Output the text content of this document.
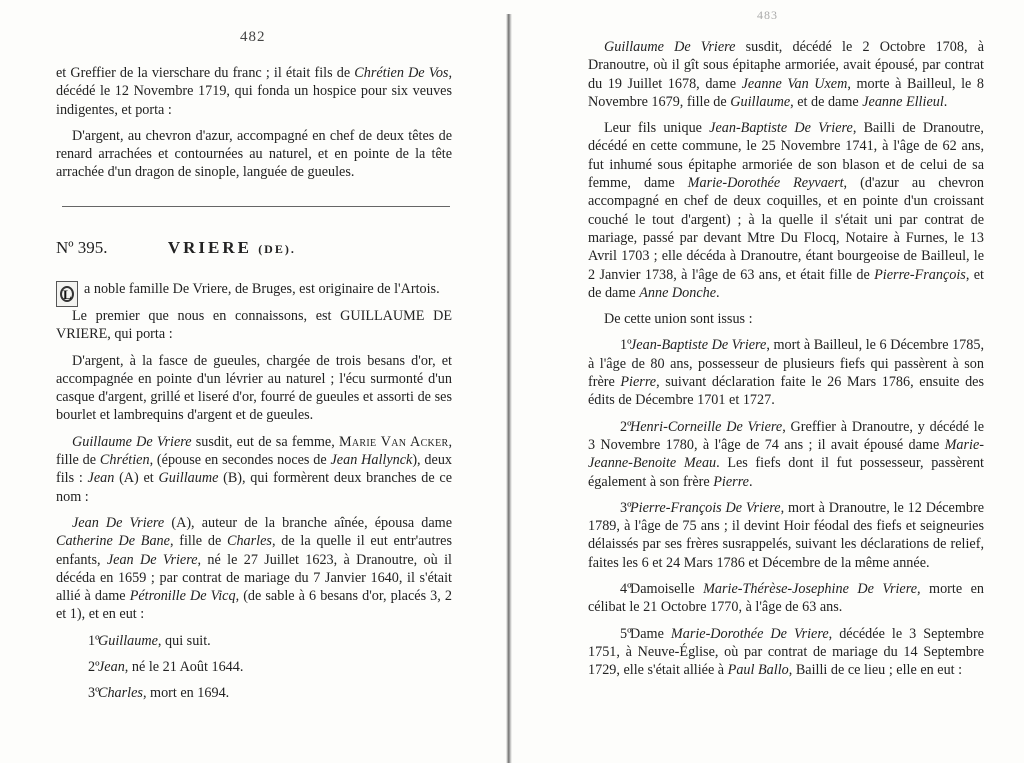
482

et Greffier de la vierschare du franc ; il était fils de Chrétien De Vos, décédé le 12 Novembre 1719, qui fonda un hospice pour six veuves indigentes, et porta :

D'argent, au chevron d'azur, accompagné en chef de deux têtes de renard arrachées et contournées au naturel, et en pointe de la tête arrachée d'un dragon de sinople, languée de gueules.

Nº 395.	VRIERE (DE).

L a noble famille De Vriere, de Bruges, est originaire de l'Artois.

Le premier que nous en connaissons, est GUILLAUME DE VRIERE, qui porta :

D'argent, à la fasce de gueules, chargée de trois besans d'or, et accompagnée en pointe d'un lévrier au naturel ; l'écu surmonté d'un casque d'argent, grillé et liseré d'or, fourré de gueules et assorti de ses bourlet et lambrequins d'argent et de gueules.

Guillaume De Vriere susdit, eut de sa femme, Marie Van Acker, fille de Chrétien, (épouse en secondes noces de Jean Hallynck), deux fils : Jean (A) et Guillaume (B), qui formèrent deux branches de ce nom :

Jean De Vriere (A), auteur de la branche aînée, épousa dame Catherine De Bane, fille de Charles, de la quelle il eut entr'autres enfants, Jean De Vriere, né le 27 Juillet 1623, à Dranoutre, où il décéda en 1659 ; par contrat de mariage du 7 Janvier 1640, il s'était allié à dame Pétronille De Vicq, (de sable à 6 besans d'or, placés 3, 2 et 1), et en eut :

1ºGuillaume, qui suit.

2ºJean, né le 21 Août 1644.

3ºCharles, mort en 1694.

483

Guillaume De Vriere susdit, décédé le 2 Octobre 1708, à Dranoutre, où il gît sous épitaphe armoriée, avait épousé, par contrat du 19 Juillet 1678, dame Jeanne Van Uxem, morte à Bailleul, le 8 Novembre 1679, fille de Guillaume, et de dame Jeanne Ellieul.

Leur fils unique Jean-Baptiste De Vriere, Bailli de Dranoutre, décédé en cette commune, le 25 Novembre 1741, à l'âge de 62 ans, fut inhumé sous épitaphe armoriée de son blason et de celui de sa femme, dame Marie-Dorothée Reyvaert, (d'azur au chevron accompagné en chef de deux coquilles, et en pointe d'un croissant couché le tout d'argent) ; à la quelle il s'était uni par contrat de mariage, passé par devant Mtre Du Flocq, Notaire à Furnes, le 13 Avril 1703 ; elle décéda à Dranoutre, étant bourgeoise de Bailleul, le 2 Janvier 1738, à l'âge de 63 ans, et était fille de Pierre-François, et de dame Anne Donche.

De cette union sont issus :

1ºJean-Baptiste De Vriere, mort à Bailleul, le 6 Décembre 1785, à l'âge de 80 ans, possesseur de plusieurs fiefs qui passèrent à son frère Pierre, suivant déclaration faite le 26 Mars 1786, ensuite des édits de Décembre 1701 et 1727.

2ºHenri-Corneille De Vriere, Greffier à Dranoutre, y décédé le 3 Novembre 1780, à l'âge de 74 ans ; il avait épousé dame Marie-Jeanne-Benoite Meau. Les fiefs dont il fut possesseur, passèrent également à son frère Pierre.

3ºPierre-François De Vriere, mort à Dranoutre, le 12 Décembre 1789, à l'âge de 75 ans ; il devint Hoir féodal des fiefs et seigneuries délaissés par ses frères susrappelés, suivant les déclarations de relief, faites les 6 et 24 Mars 1786 et Décembre de la même année.

4ºDamoiselle Marie-Thérèse-Josephine De Vriere, morte en célibat le 21 Octobre 1770, à l'âge de 63 ans.

5ºDame Marie-Dorothée De Vriere, décédée le 3 Septembre 1751, à Neuve-Église, où par contrat de mariage du 14 Septembre 1729, elle s'était alliée à Paul Ballo, Bailli de ce lieu ; elle en eut :
